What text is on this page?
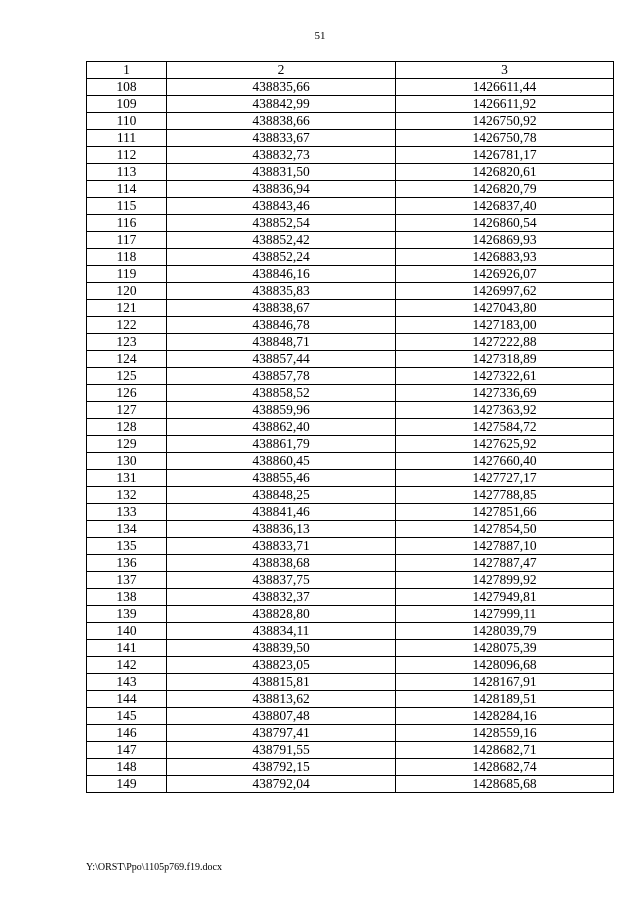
51
1	2	3
108	438835,66	1426611,44
109	438842,99	1426611,92
110	438838,66	1426750,92
111	438833,67	1426750,78
112	438832,73	1426781,17
113	438831,50	1426820,61
114	438836,94	1426820,79
115	438843,46	1426837,40
116	438852,54	1426860,54
117	438852,42	1426869,93
118	438852,24	1426883,93
119	438846,16	1426926,07
120	438835,83	1426997,62
121	438838,67	1427043,80
122	438846,78	1427183,00
123	438848,71	1427222,88
124	438857,44	1427318,89
125	438857,78	1427322,61
126	438858,52	1427336,69
127	438859,96	1427363,92
128	438862,40	1427584,72
129	438861,79	1427625,92
130	438860,45	1427660,40
131	438855,46	1427727,17
132	438848,25	1427788,85
133	438841,46	1427851,66
134	438836,13	1427854,50
135	438833,71	1427887,10
136	438838,68	1427887,47
137	438837,75	1427899,92
138	438832,37	1427949,81
139	438828,80	1427999,11
140	438834,11	1428039,79
141	438839,50	1428075,39
142	438823,05	1428096,68
143	438815,81	1428167,91
144	438813,62	1428189,51
145	438807,48	1428284,16
146	438797,41	1428559,16
147	438791,55	1428682,71
148	438792,15	1428682,74
149	438792,04	1428685,68
Y:\ORST\Ppo\1105p769.f19.docx
